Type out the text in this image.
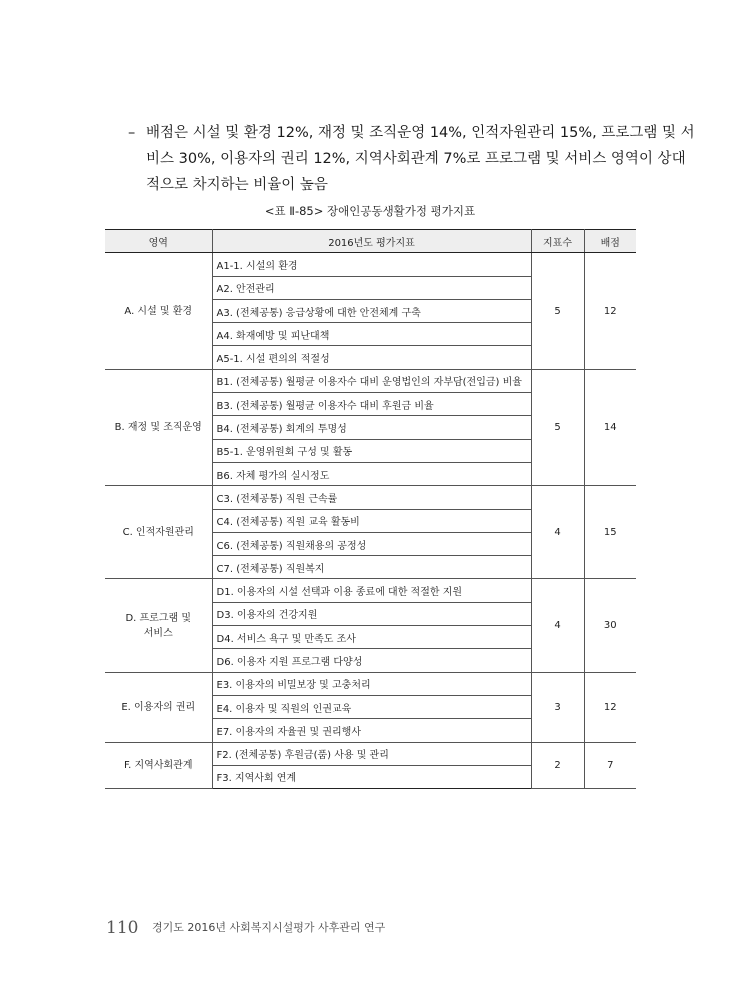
– 배점은 시설 및 환경 12%, 재정 및 조직운영 14%, 인적자원관리 15%, 프로그램 및 서
비스 30%, 이용자의 권리 12%, 지역사회관계 7%로 프로그램 및 서비스 영역이 상대
적으로 차지하는 비율이 높음
<표 Ⅱ-85> 장애인공동생활가정 평가지표
영역	2016년도 평가지표	지표수	배점
A. 시설 및 환경	A1-1. 시설의 환경	5	12
	A2. 안전관리		
	A3. (전체공통) 응급상황에 대한 안전체계 구축		
	A4. 화재예방 및 피난대책		
	A5-1. 시설 편의의 적절성		
B. 재정 및 조직운영	B1. (전체공통) 월평균 이용자수 대비 운영법인의 자부담(전입금) 비율	5	14
	B3. (전체공통) 월평균 이용자수 대비 후원금 비율		
	B4. (전체공통) 회계의 투명성		
	B5-1. 운영위원회 구성 및 활동		
	B6. 자체 평가의 실시정도		
C. 인적자원관리	C3. (전체공통) 직원 근속률	4	15
	C4. (전체공통) 직원 교육 활동비		
	C6. (전체공통) 직원채용의 공정성		
	C7. (전체공통) 직원복지		
D. 프로그램 및
서비스	D1. 이용자의 시설 선택과 이용 종료에 대한 적절한 지원	4	30
	D3. 이용자의 건강지원		
	D4. 서비스 욕구 및 만족도 조사		
	D6. 이용자 지원 프로그램 다양성		
E. 이용자의 권리	E3. 이용자의 비밀보장 및 고충처리	3	12
	E4. 이용자 및 직원의 인권교육		
	E7. 이용자의 자율권 및 권리행사		
F. 지역사회관계	F2. (전체공통) 후원금(품) 사용 및 관리	2	7
	F3. 지역사회 연계		
110 경기도 2016년 사회복지시설평가 사후관리 연구
